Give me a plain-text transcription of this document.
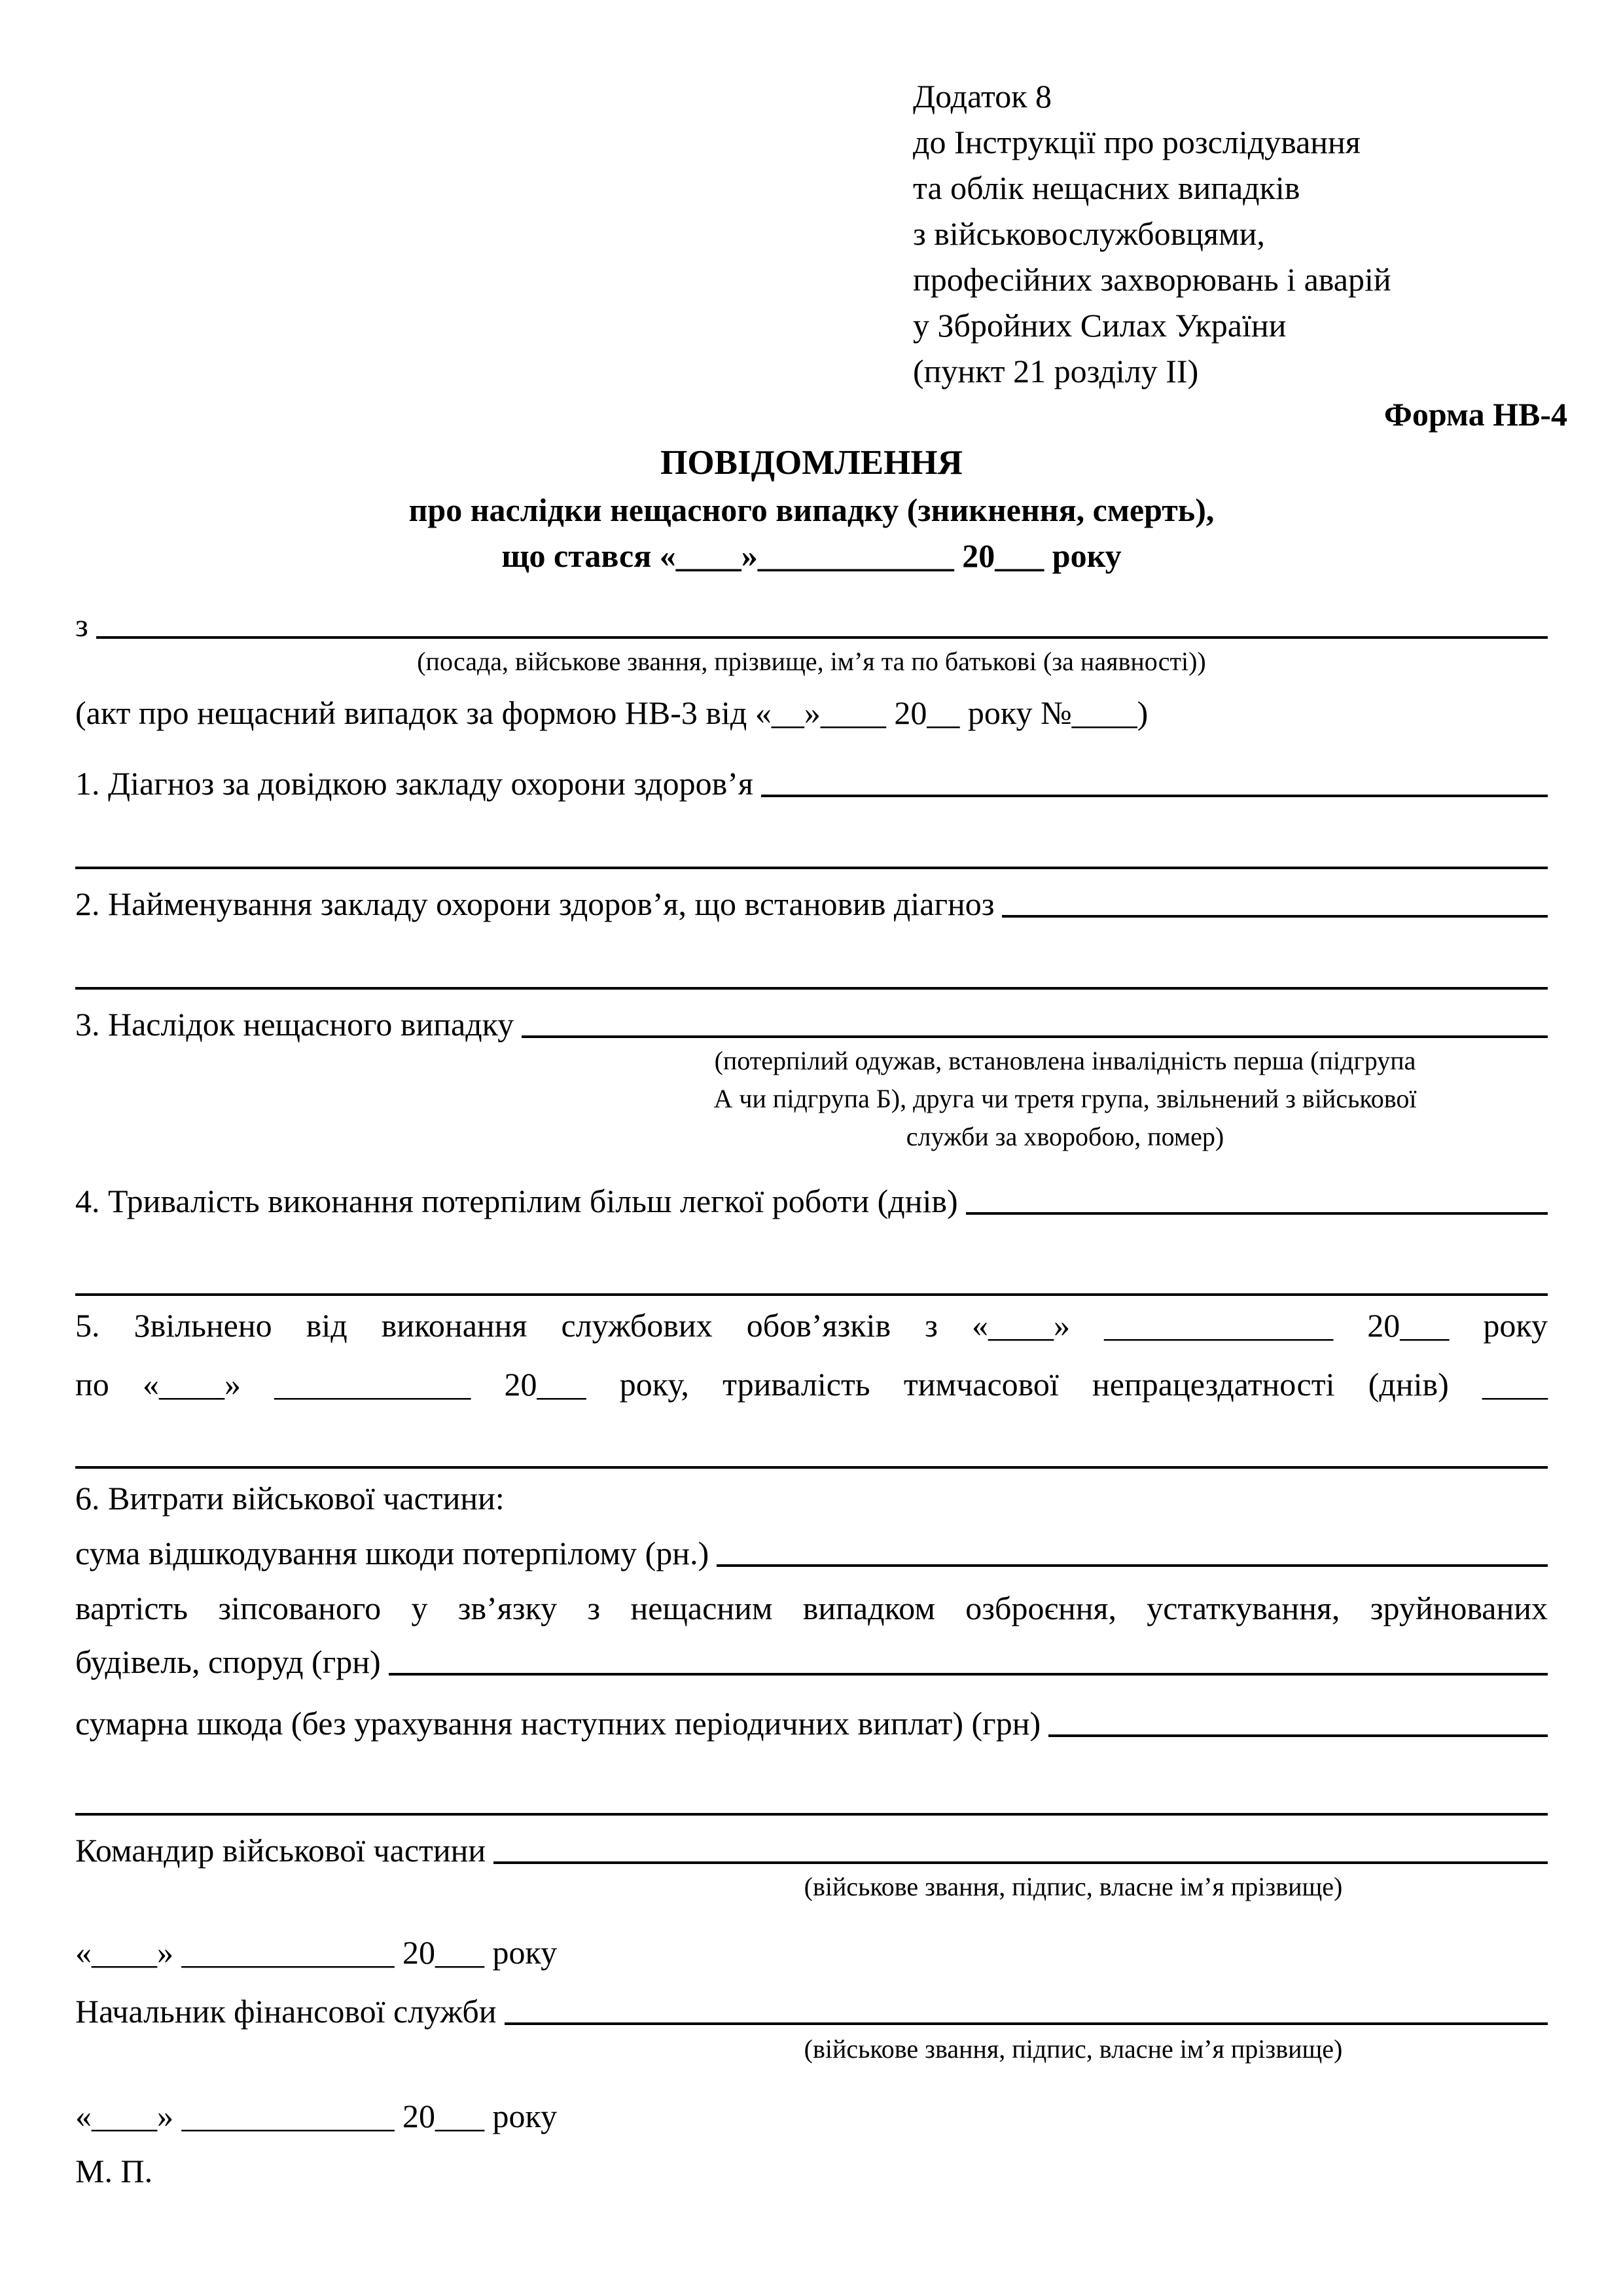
Додаток 8
до Інструкції про розслідування
та облік нещасних випадків
з військовослужбовцями,
професійних захворювань і аварій
у Збройних Силах України
(пункт 21 розділу ІІ)
Форма НВ-4
ПОВІДОМЛЕННЯ
про наслідки нещасного випадку (зникнення, смерть),
що стався «____»____________ 20___ року
з
(посада, військове звання, прізвище, ім’я та по батькові (за наявності))
(акт про нещасний випадок за формою НВ-3 від «__»____ 20__ року №____)
1. Діагноз за довідкою закладу охорони здоров’я
2. Найменування закладу охорони здоров’я, що встановив діагноз
3. Наслідок нещасного випадку
(потерпілий одужав, встановлена інвалідність перша (підгрупа
А чи підгрупа Б), друга чи третя група, звільнений з військової
служби за хворобою, помер)
4. Тривалість виконання потерпілим більш легкої роботи (днів)
5. Звільнено від виконання службових обов’язків з «____» ______________ 20___ року
по «____» ____________ 20___ року, тривалість тимчасової непрацездатності (днів) ____
6. Витрати військової частини:
сума відшкодування шкоди потерпілому (рн.)
вартість зіпсованого у зв’язку з нещасним випадком озброєння, устаткування, зруйнованих
будівель, споруд (грн)
сумарна шкода (без урахування наступних періодичних виплат) (грн)
Командир військової частини
(військове звання, підпис, власне ім’я прізвище)
«____» _____________ 20___ року
Начальник фінансової служби
(військове звання, підпис, власне ім’я прізвище)
«____» _____________ 20___ року
М. П.
